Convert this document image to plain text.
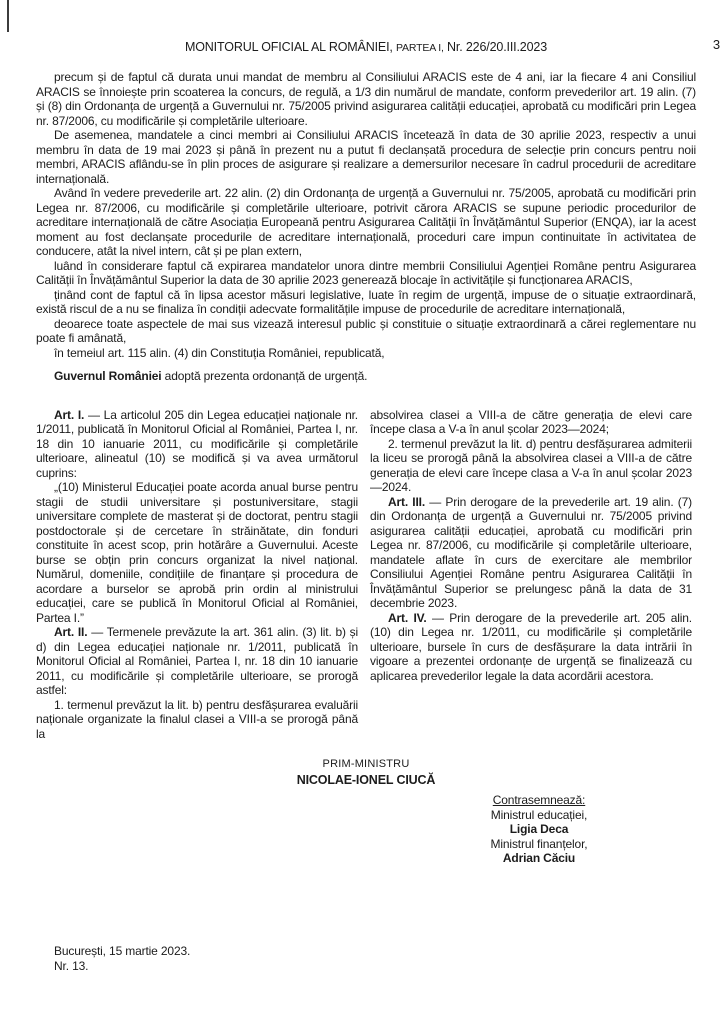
MONITORUL OFICIAL AL ROMÂNIEI, PARTEA I, Nr. 226/20.III.2023	3

precum și de faptul că durata unui mandat de membru al Consiliului ARACIS este de 4 ani, iar la fiecare 4 ani Consiliul ARACIS se înnoiește prin scoaterea la concurs, de regulă, a 1/3 din numărul de mandate, conform prevederilor art. 19 alin. (7) și (8) din Ordonanța de urgență a Guvernului nr. 75/2005 privind asigurarea calității educației, aprobată cu modificări prin Legea nr. 87/2006, cu modificările și completările ulterioare.

De asemenea, mandatele a cinci membri ai Consiliului ARACIS încetează în data de 30 aprilie 2023, respectiv a unui membru în data de 19 mai 2023 și până în prezent nu a putut fi declanșată procedura de selecție prin concurs pentru noii membri, ARACIS aflându-se în plin proces de asigurare și realizare a demersurilor necesare în cadrul procedurii de acreditare internațională.

Având în vedere prevederile art. 22 alin. (2) din Ordonanța de urgență a Guvernului nr. 75/2005, aprobată cu modificări prin Legea nr. 87/2006, cu modificările și completările ulterioare, potrivit cărora ARACIS se supune periodic procedurilor de acreditare internațională de către Asociația Europeană pentru Asigurarea Calității în Învățământul Superior (ENQA), iar la acest moment au fost declanșate procedurile de acreditare internațională, proceduri care impun continuitate în activitatea de conducere, atât la nivel intern, cât și pe plan extern,

luând în considerare faptul că expirarea mandatelor unora dintre membrii Consiliului Agenției Române pentru Asigurarea Calității în Învățământul Superior la data de 30 aprilie 2023 generează blocaje în activitățile și funcționarea ARACIS,

ținând cont de faptul că în lipsa acestor măsuri legislative, luate în regim de urgență, impuse de o situație extraordinară, există riscul de a nu se finaliza în condiții adecvate formalitățile impuse de procedurile de acreditare internațională,

deoarece toate aspectele de mai sus vizează interesul public și constituie o situație extraordinară a cărei reglementare nu poate fi amânată,

în temeiul art. 115 alin. (4) din Constituția României, republicată,

Guvernul României adoptă prezenta ordonanță de urgență.

Art. I. — La articolul 205 din Legea educației naționale nr. 1/2011, publicată în Monitorul Oficial al României, Partea I, nr. 18 din 10 ianuarie 2011, cu modificările și completările ulterioare, alineatul (10) se modifică și va avea următorul cuprins:

„(10) Ministerul Educației poate acorda anual burse pentru stagii de studii universitare și postuniversitare, stagii universitare complete de masterat și de doctorat, pentru stagii postdoctorale și de cercetare în străinătate, din fonduri constituite în acest scop, prin hotărâre a Guvernului. Aceste burse se obțin prin concurs organizat la nivel național. Numărul, domeniile, condițiile de finanțare și procedura de acordare a burselor se aprobă prin ordin al ministrului educației, care se publică în Monitorul Oficial al României, Partea I.”

Art. II. — Termenele prevăzute la art. 361 alin. (3) lit. b) și d) din Legea educației naționale nr. 1/2011, publicată în Monitorul Oficial al României, Partea I, nr. 18 din 10 ianuarie 2011, cu modificările și completările ulterioare, se prorogă astfel:

1. termenul prevăzut la lit. b) pentru desfășurarea evaluării naționale organizate la finalul clasei a VIII-a se prorogă până la

absolvirea clasei a VIII-a de către generația de elevi care începe clasa a V-a în anul școlar 2023—2024;

2. termenul prevăzut la lit. d) pentru desfășurarea admiterii la liceu se prorogă până la absolvirea clasei a VIII-a de către generația de elevi care începe clasa a V-a în anul școlar 2023—2024.

Art. III. — Prin derogare de la prevederile art. 19 alin. (7) din Ordonanța de urgență a Guvernului nr. 75/2005 privind asigurarea calității educației, aprobată cu modificări prin Legea nr. 87/2006, cu modificările și completările ulterioare, mandatele aflate în curs de exercitare ale membrilor Consiliului Agenției Române pentru Asigurarea Calității în Învățământul Superior se prelungesc până la data de 31 decembrie 2023.

Art. IV. — Prin derogare de la prevederile art. 205 alin. (10) din Legea nr. 1/2011, cu modificările și completările ulterioare, bursele în curs de desfășurare la data intrării în vigoare a prezentei ordonanțe de urgență se finalizează cu aplicarea prevederilor legale la data acordării acestora.

PRIM-MINISTRU
NICOLAE-IONEL CIUCĂ
Contrasemnează:
Ministrul educației,
Ligia Deca
Ministrul finanțelor,
Adrian Căciu
București, 15 martie 2023.
Nr. 13.
